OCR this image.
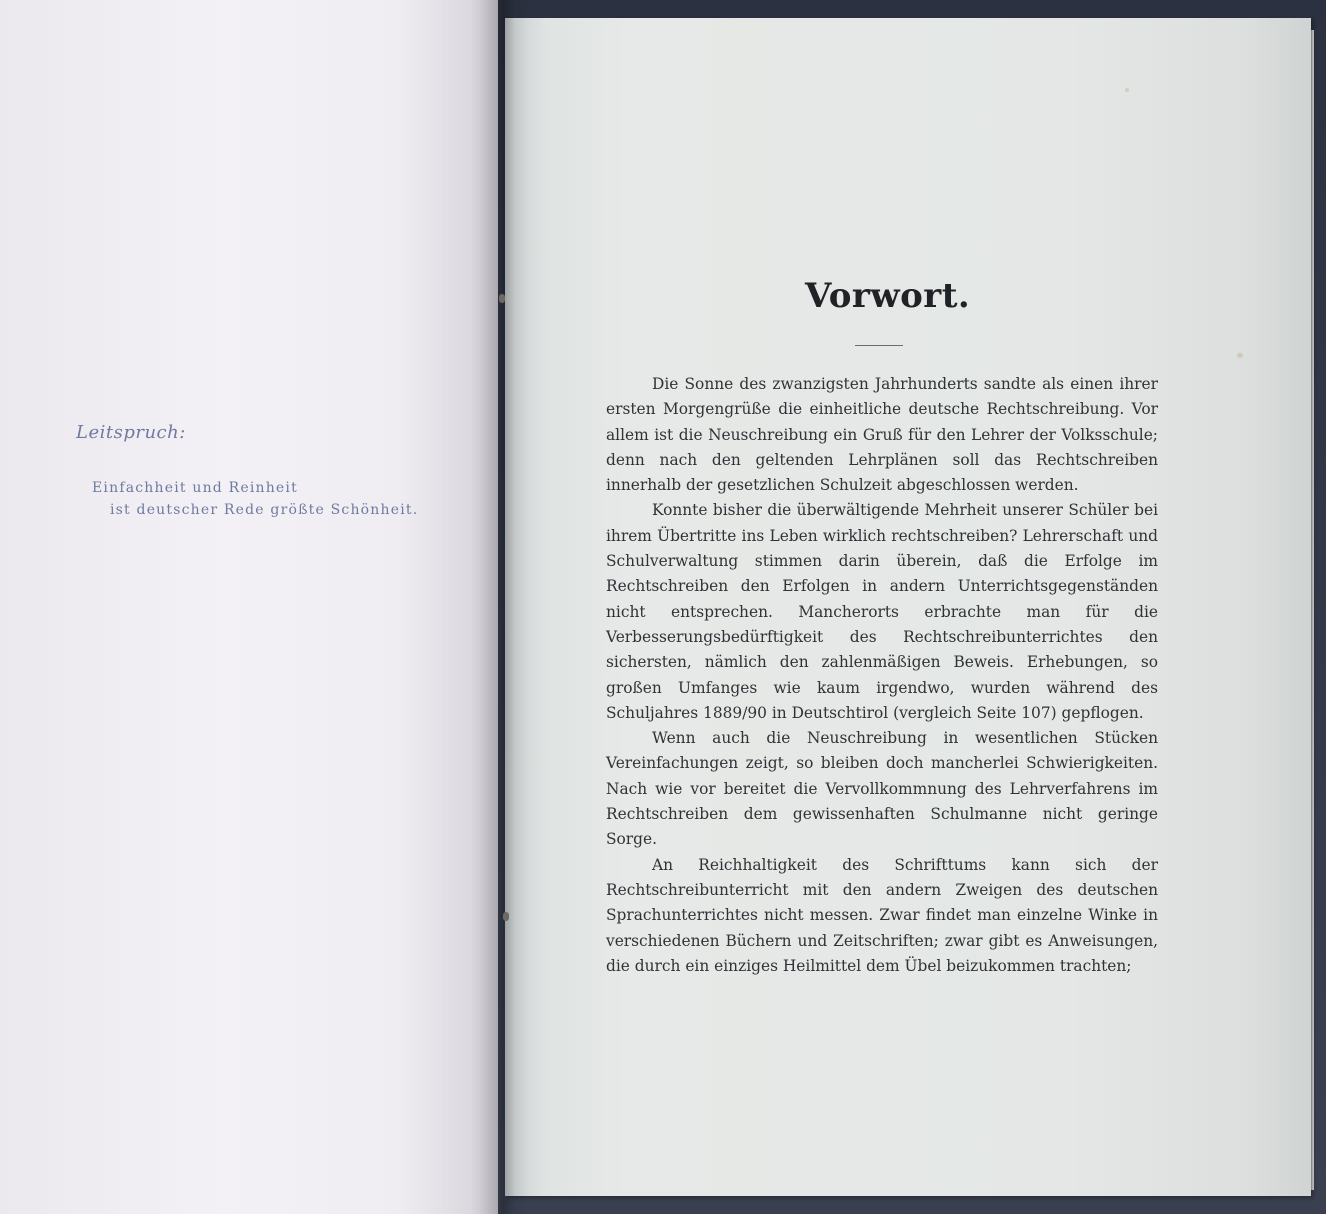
Leitspruch:
Einfachheit und Reinheit
ist deutscher Rede größte Schönheit.
Vorwort.

Die Sonne des zwanzigsten Jahrhunderts sandte als einen ihrer ersten Morgengrüße die einheitliche deutsche Rechtschreibung. Vor allem ist die Neuschreibung ein Gruß für den Lehrer der Volksschule; denn nach den geltenden Lehrplänen soll das Rechtschreiben innerhalb der gesetzlichen Schulzeit abgeschlossen werden.

Konnte bisher die überwältigende Mehrheit unserer Schüler bei ihrem Übertritte ins Leben wirklich rechtschreiben? Lehrerschaft und Schulverwaltung stimmen darin überein, daß die Erfolge im Rechtschreiben den Erfolgen in andern Unterrichtsgegenständen nicht entsprechen. Mancherorts erbrachte man für die Verbesserungsbedürftigkeit des Rechtschreibunterrichtes den sichersten, nämlich den zahlenmäßigen Beweis. Erhebungen, so großen Umfanges wie kaum irgendwo, wurden während des Schuljahres 1889/90 in Deutschtirol (vergleich Seite 107) gepflogen.

Wenn auch die Neuschreibung in wesentlichen Stücken Vereinfachungen zeigt, so bleiben doch mancherlei Schwierigkeiten. Nach wie vor bereitet die Vervollkommnung des Lehrverfahrens im Rechtschreiben dem gewissenhaften Schulmanne nicht geringe Sorge.

An Reichhaltigkeit des Schrifttums kann sich der Rechtschreibunterricht mit den andern Zweigen des deutschen Sprachunterrichtes nicht messen. Zwar findet man einzelne Winke in verschiedenen Büchern und Zeitschriften; zwar gibt es Anweisungen, die durch ein einziges Heilmittel dem Übel beizukommen trachten;
